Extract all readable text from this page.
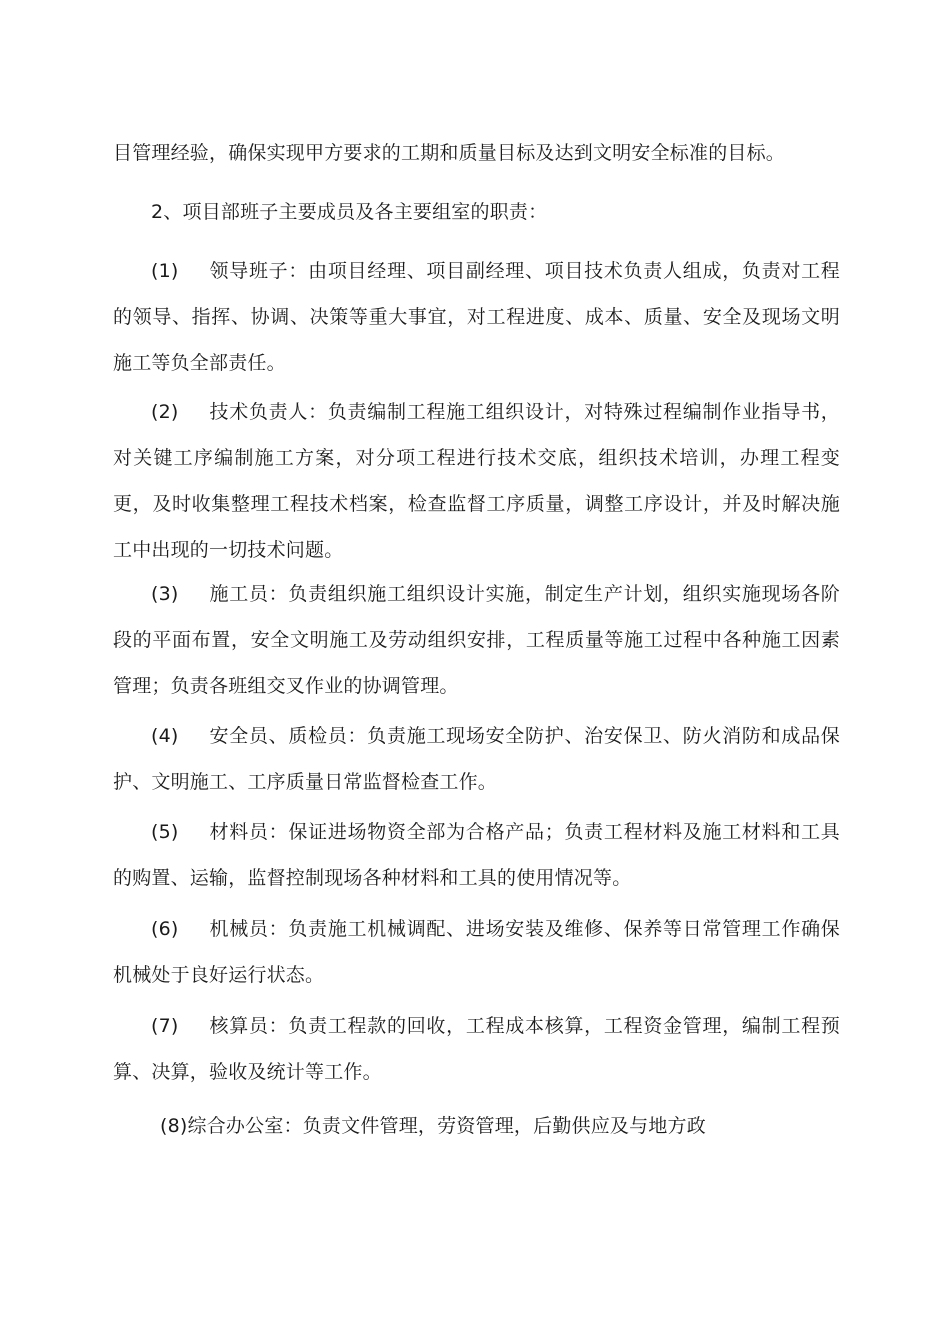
目管理经验，确保实现甲方要求的工期和质量目标及达到文明安全标准的目标。

2、项目部班子主要成员及各主要组室的职责：

(1) 领导班子：由项目经理、项目副经理、项目技术负责人组成，负责对工程的领导、指挥、协调、决策等重大事宜，对工程进度、成本、质量、安全及现场文明施工等负全部责任。

(2) 技术负责人：负责编制工程施工组织设计，对特殊过程编制作业指导书，对关键工序编制施工方案，对分项工程进行技术交底，组织技术培训，办理工程变更，及时收集整理工程技术档案，检查监督工序质量，调整工序设计，并及时解决施工中出现的一切技术问题。

(3) 施工员：负责组织施工组织设计实施，制定生产计划，组织实施现场各阶段的平面布置，安全文明施工及劳动组织安排，工程质量等施工过程中各种施工因素管理；负责各班组交叉作业的协调管理。

(4) 安全员、质检员：负责施工现场安全防护、治安保卫、防火消防和成品保护、文明施工、工序质量日常监督检查工作。

(5) 材料员：保证进场物资全部为合格产品；负责工程材料及施工材料和工具的购置、运输，监督控制现场各种材料和工具的使用情况等。

(6) 机械员：负责施工机械调配、进场安装及维修、保养等日常管理工作确保机械处于良好运行状态。

(7) 核算员：负责工程款的回收，工程成本核算，工程资金管理，编制工程预算、决算，验收及统计等工作。

(8)综合办公室：负责文件管理，劳资管理，后勤供应及与地方政
